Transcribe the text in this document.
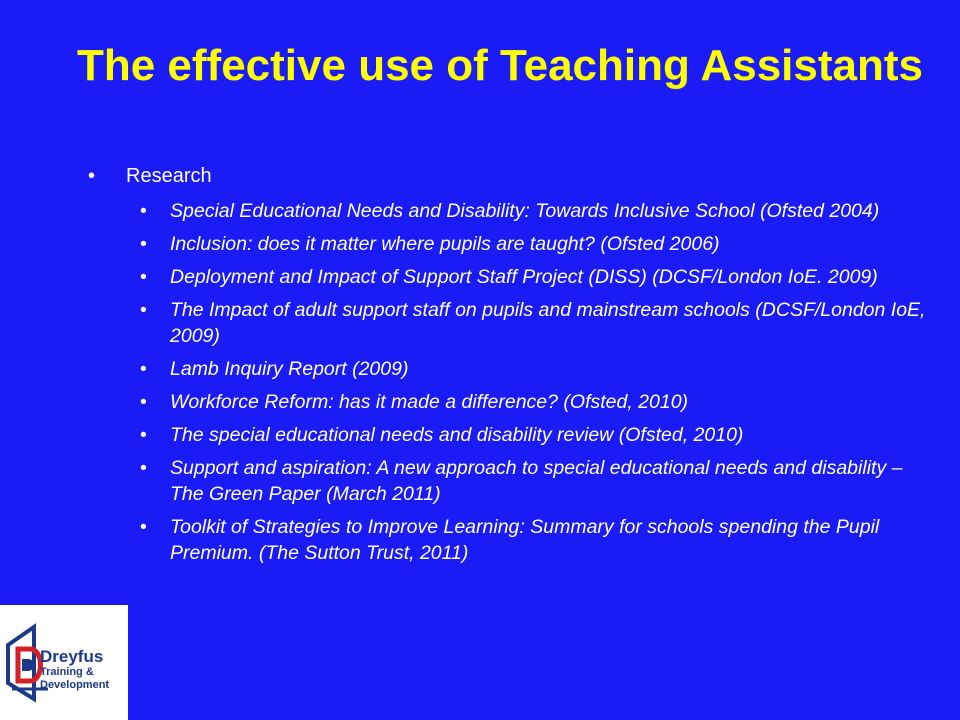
The effective use of Teaching Assistants
•	Research
•	Special Educational Needs and Disability: Towards Inclusive School (Ofsted 2004)
•	Inclusion: does it matter where pupils are taught? (Ofsted 2006)
•	Deployment and Impact of Support Staff Project (DISS) (DCSF/London IoE. 2009)
•	The Impact of adult support staff on pupils and mainstream schools (DCSF/London IoE, 2009)
•	Lamb Inquiry Report (2009)
•	Workforce Reform: has it made a difference? (Ofsted, 2010)
•	The special educational needs and disability review (Ofsted, 2010)
•	Support and aspiration: A new approach to special educational needs and disability – The Green Paper (March 2011)
•	Toolkit of Strategies to Improve Learning: Summary for schools spending the Pupil Premium. (The Sutton Trust, 2011)
Dreyfus
Training &
Development
